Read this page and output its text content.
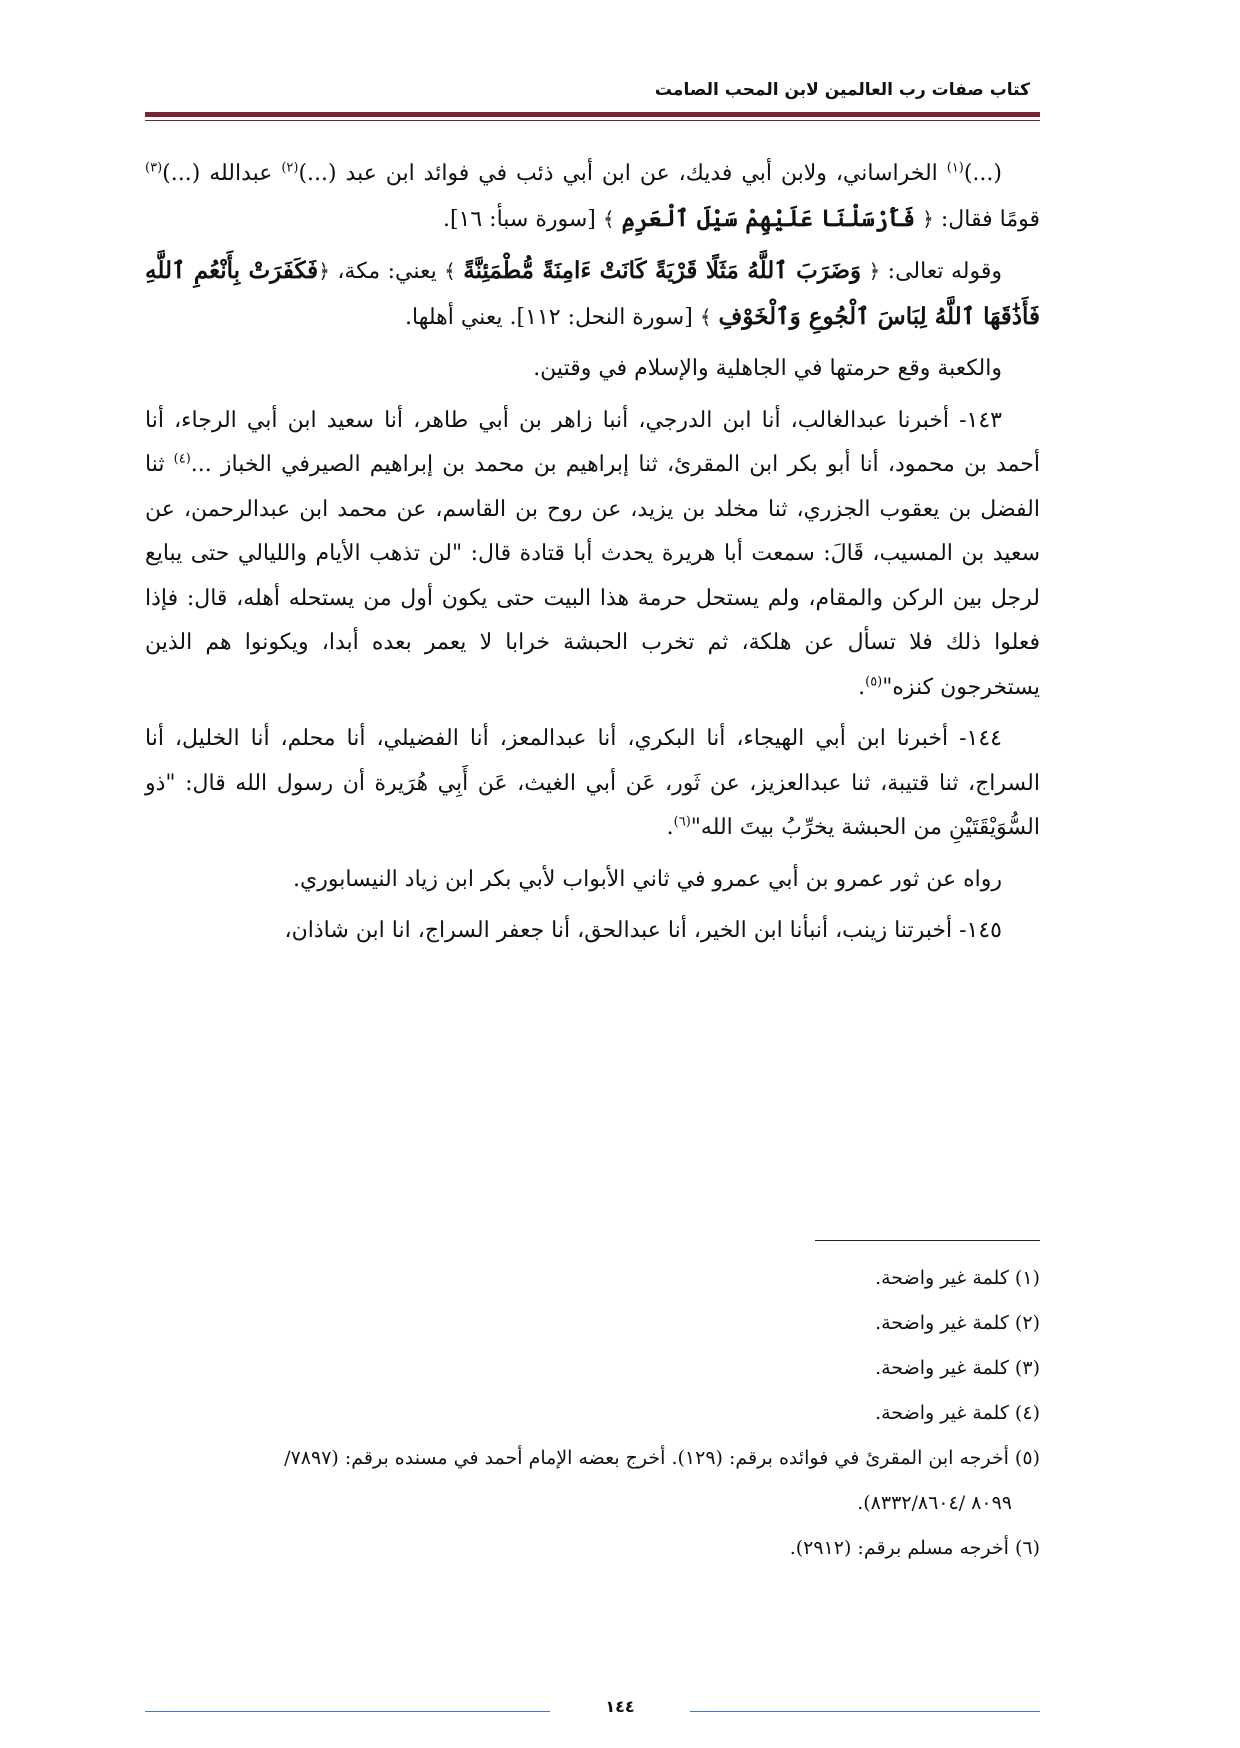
كتاب صفات رب العالمين لابن المحب الصامت

(...)$^{(١)}$ الخراساني، ولابن أبي فديك، عن ابن أبي ذئب في فوائد ابن عبد (...)$^{(٢)}$ عبدالله (...)$^{(٣)}$ قومًا فقال: ﴿ فَأَرْسَلْنَا عَلَيْهِمْ سَيْلَ ٱلْعَرِمِ ﴾ [سورة سبأ: ١٦].

وقوله تعالى: ﴿ وَضَرَبَ ٱللَّهُ مَثَلًا قَرْيَةً كَانَتْ ءَامِنَةً مُّطْمَئِنَّةً ﴾ يعني: مكة، ﴿فَكَفَرَتْ بِأَنْعُمِ ٱللَّهِ فَأَذَٰقَهَا ٱللَّهُ لِبَاسَ ٱلْجُوعِ وَٱلْخَوْفِ ﴾ [سورة النحل: ١١٢]. يعني أهلها.

والكعبة وقع حرمتها في الجاهلية والإسلام في وقتين.

١٤٣- أخبرنا عبدالغالب، أنا ابن الدرجي، أنبا زاهر بن أبي طاهر، أنا سعيد ابن أبي الرجاء، أنا أحمد بن محمود، أنا أبو بكر ابن المقرئ، ثنا إبراهيم بن محمد بن إبراهيم الصيرفي الخباز ...$^{(٤)}$ ثنا الفضل بن يعقوب الجزري، ثنا مخلد بن يزيد، عن روح بن القاسم، عن محمد ابن عبدالرحمن، عن سعيد بن المسيب، قَالَ: سمعت أبا هريرة يحدث أبا قتادة قال: "لن تذهب الأيام والليالي حتى يبايع لرجل بين الركن والمقام، ولم يستحل حرمة هذا البيت حتى يكون أول من يستحله أهله، قال: فإذا فعلوا ذلك فلا تسأل عن هلكة، ثم تخرب الحبشة خرابا لا يعمر بعده أبدا، ويكونوا هم الذين يستخرجون كنزه"$^{(٥)}$.

١٤٤- أخبرنا ابن أبي الهيجاء، أنا البكري، أنا عبدالمعز، أنا الفضيلي، أنا محلم، أنا الخليل، أنا السراج، ثنا قتيبة، ثنا عبدالعزيز، عن ثَور، عَن أبي الغيث، عَن أَبِي هُرَيرة أن رسول الله قال: "ذو السُّوَيْقَتَيْنِ من الحبشة يخرِّبُ بيتَ الله"$^{(٦)}$.

رواه عن ثور عمرو بن أبي عمرو في ثاني الأبواب لأبي بكر ابن زياد النيسابوري.

١٤٥- أخبرتنا زينب، أنبأنا ابن الخير، أنا عبدالحق، أنا جعفر السراج، انا ابن شاذان،

(١) كلمة غير واضحة.

(٢) كلمة غير واضحة.

(٣) كلمة غير واضحة.

(٤) كلمة غير واضحة.

(٥) أخرجه ابن المقرئ في فوائده برقم: (١٢٩). أخرج بعضه الإمام أحمد في مسنده برقم: (٧٨٩٧/

٨٠٩٩ /٨٣٣٢/٨٦٠٤).

(٦) أخرجه مسلم برقم: (٢٩١٢).

١٤٤
